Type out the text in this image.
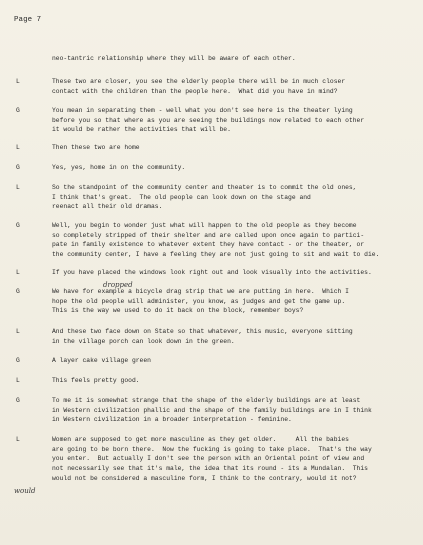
Page 7
neo-tantric relationship where they will be aware of each other.
L	These two are closer, you see the elderly people there will be in much closer
contact with the children than the people here.  What did you have in mind?
G	You mean in separating them - well what you don't see here is the theater lying
before you so that where as you are seeing the buildings now related to each other
it would be rather the activities that will be.
L	Then these two are home
G	Yes, yes, home in on the community.
L	So the standpoint of the community center and theater is to commit the old ones,
I think that's great.  The old people can look down on the stage and
reenact all their old dramas.
G	Well, you begin to wonder just what will happen to the old people as they become
so completely stripped of their shelter and are called upon once again to partici-
pate in family existence to whatever extent they have contact - or the theater, or
the community center, I have a feeling they are not just going to sit and wait to die.
L	If you have placed the windows look right out and look visually into the activities.
G	We have for example a bicycle drag strip that we are putting in here.  Which I
hope the old people will administer, you know, as judges and get the game up.
This is the way we used to do it back on the block, remember boys?
L	And these two face down on State so that whatever, this music, everyone sitting
in the village porch can look down in the green.
G	A layer cake village green
L	This feels pretty good.
G	To me it is somewhat strange that the shape of the elderly buildings are at least
in Western civilization phallic and the shape of the family buildings are in I think
in Western civilization in a broader interpretation - feminine.
L	Women are supposed to get more masculine as they get older.     All the babies
are going to be born there.  Now the fucking is going to take place.  That's the way
you enter.  But actually I don't see the person with an Oriental point of view and
not necessarily see that it's male, the idea that its round - its a Mundalan.  This
would not be considered a masculine form, I think to the contrary, would it not?
dropped
would
